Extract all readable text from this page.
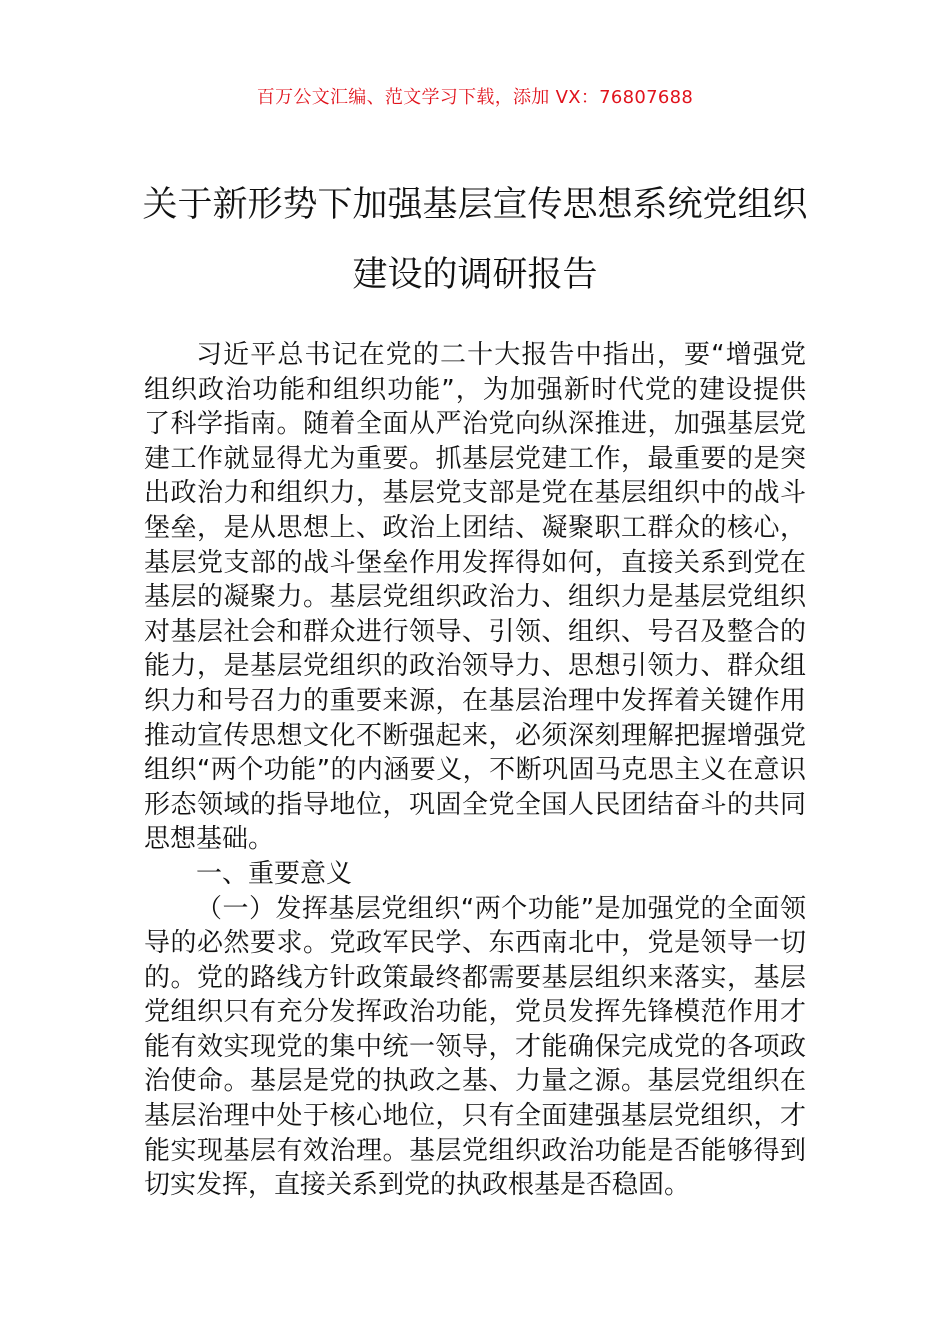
百万公文汇编、范文学习下载，添加 VX：76807688
关于新形势下加强基层宣传思想系统党组织建设的调研报告

习近平总书记在党的二十大报告中指出，要“增强党组织政治功能和组织功能”，为加强新时代党的建设提供了科学指南。随着全面从严治党向纵深推进，加强基层党建工作就显得尤为重要。抓基层党建工作，最重要的是突出政治力和组织力，基层党支部是党在基层组织中的战斗堡垒，是从思想上、政治上团结、凝聚职工群众的核心，基层党支部的战斗堡垒作用发挥得如何，直接关系到党在基层的凝聚力。基层党组织政治力、组织力是基层党组织对基层社会和群众进行领导、引领、组织、号召及整合的能力，是基层党组织的政治领导力、思想引领力、群众组织力和号召力的重要来源，在基层治理中发挥着关键作用推动宣传思想文化不断强起来，必须深刻理解把握增强党组织“两个功能”的内涵要义，不断巩固马克思主义在意识形态领域的指导地位，巩固全党全国人民团结奋斗的共同思想基础。

一、重要意义

（一）发挥基层党组织“两个功能”是加强党的全面领导的必然要求。党政军民学、东西南北中，党是领导一切的。党的路线方针政策最终都需要基层组织来落实，基层党组织只有充分发挥政治功能，党员发挥先锋模范作用才能有效实现党的集中统一领导，才能确保完成党的各项政治使命。基层是党的执政之基、力量之源。基层党组织在基层治理中处于核心地位，只有全面建强基层党组织，才能实现基层有效治理。基层党组织政治功能是否能够得到切实发挥，直接关系到党的执政根基是否稳固。
